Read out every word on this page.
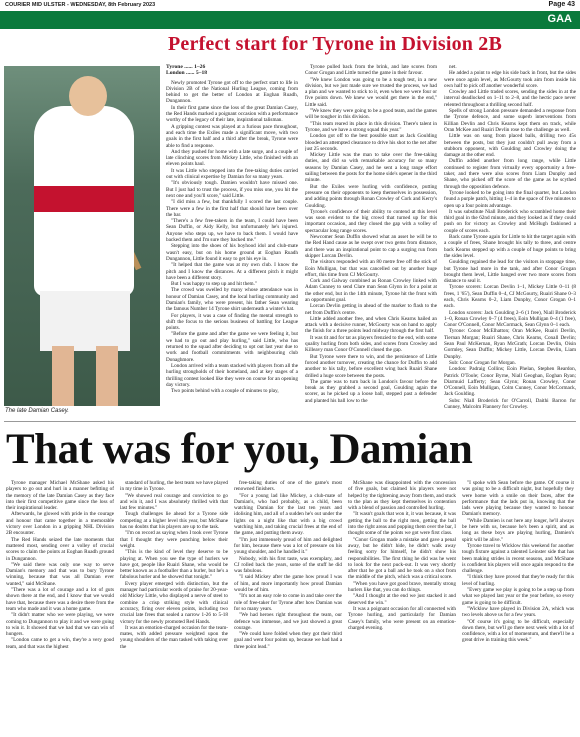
COURIER MID ULSTER - WEDNESDAY, 8th February 2023	Page 43
GAA
Perfect start for Tyrone in Division 2B
The late Damian Casey.
Tyrone ...... 1–26
London ...... 5–18

Newly promoted Tyrone got off to the perfect start to life in Division 2B of the National Hurling League, coming from behind to get the better of London at Eoghan Ruadh, Dungannon.

In their first game since the loss of the great Damian Casey, the Red Hands marked a poignant occasion with a performance worthy of the legacy of their late, inspirational talisman.

A gripping contest was played at a furious pace throughout, and each time the Exiles made a significant move, with two goals in the first half and a third after the break, Tyrone were able to find a response.

And they pushed for home with a late surge, and a couple of late clinching scores from Mickey Little, who finished with an eleven points haul.

It was Little who stepped into the free-taking duties carried out with clinical expertise by Damian for so many years.

"It's obviously tough. Damien wouldn't have missed one. But I just had to trust the process, if you miss one, you hit the next one and you'll score," said Little.

"I did miss a few, but thankfully I scored the last couple. There were a few in the first half that should have been over the bar.

"There's a few free-takers in the team, I could have been Sean Duffin, or Aidy Kelly, but unfortunately he's injured. Anyone who steps up, we have to back them. I would have backed them and I'm sure they backed me."

Stepping into the shoes of his boyhood idol and club-mate wasn't easy, but on his home ground at Eoghan Ruadh Dungannon, Little found it easy to get his eye in.

"It helped that the game was at my own club. I know the pitch and I know the distances. At a different pitch it might have been a different story.

But I was happy to step up and hit them."

The crowd was swelled by many whose attendance was in honour of Damian Casey, and the local hurling community and Damian's family, who were present, his father Sean wearing the famous Number 14 Tyrone shirt underneath a winter's hat.

For players, it was a case of finding the mental strength to shift the focus to the serious business of battling for League points.

"Before the game and after the game we were feeling it, but we had to go out and play hurling," said Little, who has returned to the squad after deciding to opt out last year due to work and football commitments with neighbouring club Donaghmore.

London arrived with a team stacked with players from all the hurling strongholds of their homeland, and at key stages of a thrilling contest looked like they were on course for an opening day victory.

Two points behind with a couple of minutes to play,

Tyrone pulled back from the brink, and late scores from Conor Grogan and Little turned the game in their favour.

"We knew London was going to be a tough test, in a new division, but we just made sure we trusted the process, we had a plan and we wanted to stick to it, even when we were four or five points down. We knew we would get there in the end," Little said.

"We knew they were going to be a good team, and the games will be tougher in this division.

"This team reared its place in this division. There's talent in Tyrone, and we have a strong squad this year."

London got off to the best possible start as Jack Goulding blooded an attempted clearance to drive his shot to the net after just 25 seconds.

Mickey Little was the man to take over the free-taking duties, and did so with remarkable accuracy for so many seasons by Damian Casey, and he sent a long range effort sailing between the posts for the home side's opener in the third minute.

But the Exiles were hurling with confidence, putting pressure on their opponents to keep themselves in possession, and adding points through Ronan Crowley of Cork and Kerry's Goulding.

Tyrone's confidence of their ability to contend at this level was soon evident to the big crowd that turned up for this important occasion, and they closed the gap with a volley of spectacular long range scores.

Newcomer Sean Duffin showed what an asset he will be to the Red Hand cause as he swept over two gems from distance, and there was an inspirational point to cap a surging run from skipper Lorcan Devlin.

The visitors responded with an 80 metre free off the stick of Eoin Mulligan, but that was cancelled out by another huge effort, this time from CJ McGourty.

Cork and Galway combined as Ronan Crowley linked with Adam Cunney to send Clare man Sean Glynn in for a point at the other end, but in the 14th minute, Tyrone hit the front with an opportunist goal.

Lorcan Devlin getting in ahead of the marker to flash to the net from Duffin's centre.

Little added another free, and when Chris Kearns hailed an attack with a decisive runner, McGourty was on hand to apply the finish for a three points lead midway through the first half.

It was tit and for tat as players frenzied to the end, with some quality hurling from both sides, and scores from Crowley and Killeavy man Conor O'Connell closed the gap.

But Tyrone were there to win, and the persistence of Little forced another turnover, creating the chance for Duffin to add another to his tally, before excellent wing back Ruairi Shane drilled a huge score between the posts.

The game was to turn back in London's favour before the break as they grabbed a second goal, Goulding again the scorer, as he picked up a loose ball, stepped past a defender and planted his ball low to the

net.

He added a point to edge his side back in front, but the sides were once again level, as McGourty took aim from inside his own half to pick off another wonderful score.

Crowley and Little traded scores, sending the sides in at the interval deadlocked on 1–11 to 2–8, and the hectic pace never relented throughout a thrilling second half.

Spells of strong London pressure demanded a response from the Tyrone defence, and some superb interventions from Killian Devlin and Chris Kearns kept them on track, while Oran McKee and Ruairi Devlin rose to the challenge as well.

Little was on song from placed balls, drilling two 45s between the posts, but they just couldn't pull away from a stubborn opponent, with Goulding and Crowley doing the damage at the other end.

Duffin added another from long range, while Little continued to register from virtually every opportunity a free-taker, and there were also scores from Liam Dunphy and Shane, who picked off the score of the game as he scythed through the opposition defence.

Tyrone looked to be going into the final quarter, but London found a purple patch, hitting 1–4 in the space of five minutes to open up a four points advantage.

It was substitute Niall Broderick who scrambled home their third goal in the 62nd minute, and they looked as if they could push on for victory as Crowley and McHugh fashioned a couple of scores each.

Back came Tyrone again for Little to hit the target again with a couple of frees, Shane brought his tally to three, and centre back Kearns stepped up with a couple of huge points to bring the sides level.

Goulding regained the lead for the visitors in stoppage time, but Tyrone had more in the tank, and after Conor Grogan brought them level, Little banged over two more scores from distance to seal it.

Tyrone scorers: Lorcan Devlin 1–1, Mickey Little 0–11 (8 frees, 1 '65'), Sean Duffin 0–4, CJ McGourty, Ruairi Shane 0–3 each, Chris Kearns 0–2, Liam Dunphy, Conor Grogan 0–1 each.

London scorers: Jack Goulding 2–6 (1 free), Niall Broderick 1–0, Ronan Crowley 0–7 (4 frees), Eoin Mulligan 0–4 (1 free), Conor O'Connell, Conor McCormack, Sean Glynn 0–1 each.

Tyrone: Conor McElhatton; Oran McKee, Ruairi Devlin, Tiernan Morgan; Ruairi Shane, Chris Kearns, Conall Devlin; Sean Paul McKernan, Ryan McGrath; Lorcan Devlin, Oisin Gormley, Sean Duffin; Mickey Little, Lorcan Devlin, Liam Dunphy.

Sub: Conor Grogan for Morgan.

London: Padraig Collins; Eoin Phelan, Stephen Reardon, Patrick O'Toole; Conor Byrne, Niall Geoghan, Eoghan Ryan; Diarmuid Lafferty; Sean Glynn; Ronan Crowley, Conor O'Connell, Eoin Mulligan, Colm Cunney, Conor McCormack, Jack Goulding.

Subs: Niall Broderick for O'Carroll, Daithi Barron for Cunney, Malcolm Flannery for Crowley.

That was for you, Damian

Tyrone manager Michael McShane asked his players to go out and hurl in a manner befitting of the memory of the late Damian Casey as they face into their first competitive game since the loss of their inspirational leader.

Afterwards, he glowed with pride in the courage and honour that came together in a memorable victory over London in a gripping NHL Division 2B encounter.

The Red Hands seized the late moments that mattered most, sending over a volley of crucial scores to claim the points at Eoghan Ruadh ground in Dungannon.

"We said there was only one way to serve Damian's memory and that was to bury Tyrone winning, because that was all Damian ever wanted," said McShane.

"There was a lot of courage and a lot of guts shown there at the end, and I know that we would have that, because there was a desire there from the team who made and it was a home game.

"It didn't matter who we were playing, we were coming to Dungannon to play it and we were going to win it. It showed that we had that we can win of hungers.

"London came to get a win, they're a very good team, and that was the highest

standard of hurling, the best team we have played in my time in Tyrone.

"We showed real courage and conviction to go and win it, and I was absolutely thrilled with that last few minutes."

Tough challenges lie ahead for a Tyrone side competing at a higher level this year, but McShane has no doubts that his players are up to the task.

"I'm on record as saying when I took over Tyrone that I thought they were punching below their weight.

"This is the kind of level they deserve to be playing at. When you see the type of hurlers we have got, people like Ruairi Shane, who would be better known as a footballer than a hurler, but he's a fabulous hurler and he showed that tonight."

Every player emerged with distinction, but the manager had particular words of praise for 20-year-old Mickey Little, who displayed a nerve of steel to combine a crisp striking style with clinical accuracy, firing over eleven points, including two crucial late frees that sealed a narrow 1-26 to 5-18 victory for the newly promoted Red Hands.

It was an emotion-charged occasion for the team-mates, with added pressure weighted upon the young shoulders of the man tasked with taking over the

free-taking duties of one of the game's most renowned finishers.

"For a young lad like Mickey, a club-mate of Damian's, who had probably, as a child, been watching Damian for the last ten years and idolising him, and all of a sudden he's out under the lights on a night like that with a big crowd watching him, and taking crucial frees at the end of the game, and putting them away.

"I'm just immensely proud of him and delighted for him, because there was a lot of pressure on his young shoulder, and he handled it."

Nobody, with his first taste, was exemplary, and CJ rolled back the years, some of the stuff he did was fabulous.

"I said Mickey after the game how proud I was of him, and more importantly how proud Damian would be of him.

"It's not an easy role to come in and take over the role of free-taker for Tyrone after how Damian was for so many years.

"We had heroes right throughout the team, our defence was immense, and we just showed a great courage.

"We could have folded when they got their third goal and went four points up, because we had had a three point lead."

McShane was disappointed with the concession of five goals, but claimed his players were not helped by the tightening away from them, and stuck to the plan as they kept themselves in contention with a blend of passion and controlled hurling.

"It wasn't goals that won it, it was because, it was getting the ball to the right men, getting the ball into the right areas and popping them over the bar, I thought some of the points we got were first class.

"Conor Grogan made a mistake and gave a penal away, but he didn't hide, he didn't walk away feeling sorry for himself, he didn't show his responsibilities. The first thing he did was he went to look for the next puck-out. It was very shortly after that he got a ball and he took on a shot from the middle of the pitch, which was a critical score.

"When you have got good brave, mentally strong hurlers like that, you can do things.

"And I thought at the end we just stacked it and deserved the win."

It was a poignant occasion for all connected with Tyrone hurling, and particularly for Damian Casey's family, who were present on an emotion-charged evening.

"I spoke with Sean before the game. Of course it was going to be a difficult night, but hopefully they were home with a smile on their faces, after the performance that the lads put in, knowing that the lads were playing because they wanted to honour Damian's memory.

"While Damien is not here any longer, he'll always be here with us, because he's been a spirit, and as long as these boys are playing hurling, Damien's spirit will be alive."

Tyrone travel to Wicklow this weekend for another tough fixture against a talented Leinster side that has been making strides in recent seasons, and McShane is confident his players will once again respond to the challenge.

"I think they have proved that they're ready for this level of hurling.

"Every game we play is going to be a step up from what we played last year or the year before, so every game is going to be difficult.

"Wicklow have played in Division 2A, which was two levels above us for a few years.

"Of course it's going to be difficult, especially down there, but we'll go there next week with a lot of confidence, with a lot of momentum, and there'll be a great drive in training this week."
